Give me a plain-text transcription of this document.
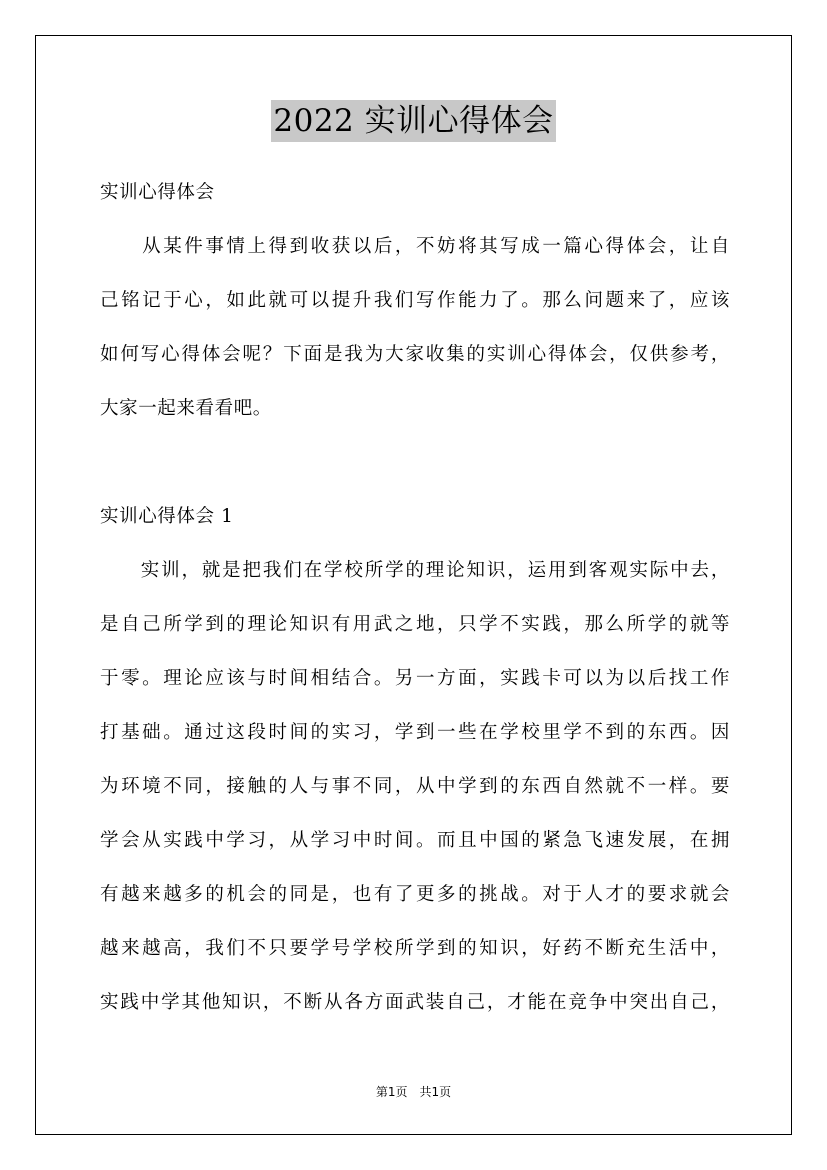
2022 实训心得体会
实训心得体会
　　从某件事情上得到收获以后，不妨将其写成一篇心得体会，让自
己铭记于心，如此就可以提升我们写作能力了。那么问题来了，应该
如何写心得体会呢？下面是我为大家收集的实训心得体会，仅供参考，
大家一起来看看吧。
实训心得体会 1
　　实训，就是把我们在学校所学的理论知识，运用到客观实际中去，
是自己所学到的理论知识有用武之地，只学不实践，那么所学的就等
于零。理论应该与时间相结合。另一方面，实践卡可以为以后找工作
打基础。通过这段时间的实习，学到一些在学校里学不到的东西。因
为环境不同，接触的人与事不同，从中学到的东西自然就不一样。要
学会从实践中学习，从学习中时间。而且中国的紧急飞速发展，在拥
有越来越多的机会的同是，也有了更多的挑战。对于人才的要求就会
越来越高，我们不只要学号学校所学到的知识，好药不断充生活中，
实践中学其他知识，不断从各方面武装自己，才能在竞争中突出自己，
第1页　共1页
